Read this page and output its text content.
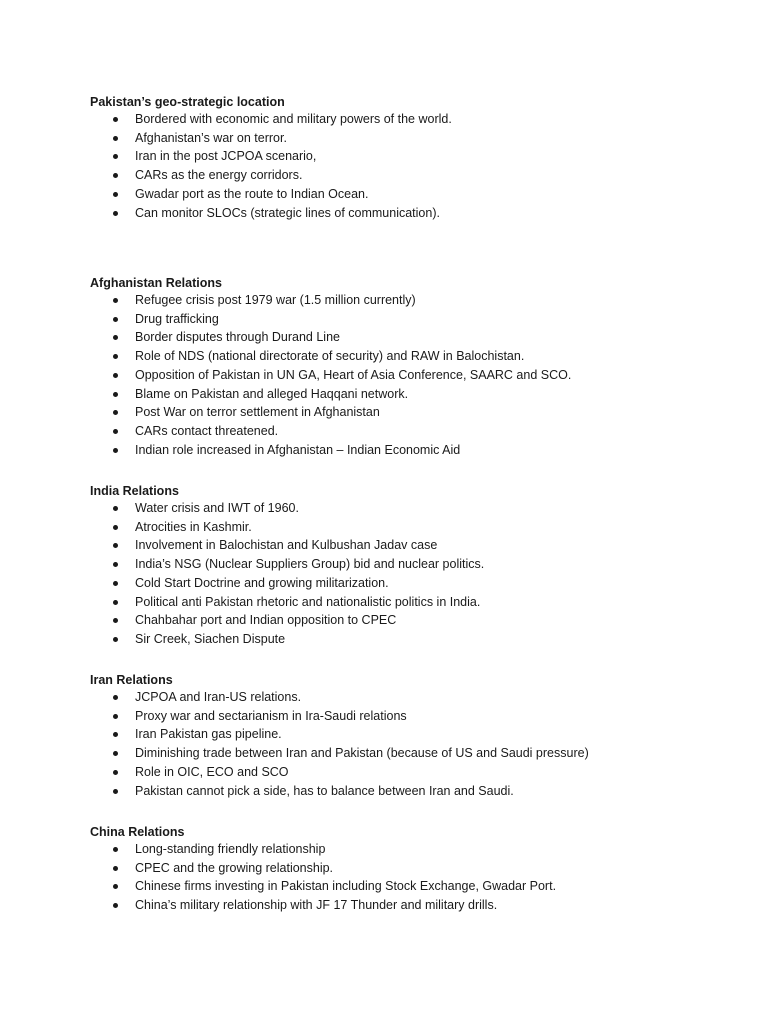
Pakistan’s geo-strategic location

Bordered with economic and military powers of the world.
Afghanistan’s war on terror.
Iran in the post JCPOA scenario,
CARs as the energy corridors.
Gwadar port as the route to Indian Ocean.
Can monitor SLOCs (strategic lines of communication).

Afghanistan Relations

Refugee crisis post 1979 war (1.5 million currently)
Drug trafficking
Border disputes through Durand Line
Role of NDS (national directorate of security) and RAW in Balochistan.
Opposition of Pakistan in UN GA, Heart of Asia Conference, SAARC and SCO.
Blame on Pakistan and alleged Haqqani network.
Post War on terror settlement in Afghanistan
CARs contact threatened.
Indian role increased in Afghanistan – Indian Economic Aid

India Relations

Water crisis and IWT of 1960.
Atrocities in Kashmir.
Involvement in Balochistan and Kulbushan Jadav case
India’s NSG (Nuclear Suppliers Group) bid and nuclear politics.
Cold Start Doctrine and growing militarization.
Political anti Pakistan rhetoric and nationalistic politics in India.
Chahbahar port and Indian opposition to CPEC
Sir Creek, Siachen Dispute

Iran Relations

JCPOA and Iran-US relations.
Proxy war and sectarianism in Ira-Saudi relations
Iran Pakistan gas pipeline.
Diminishing trade between Iran and Pakistan (because of US and Saudi pressure)
Role in OIC, ECO and SCO
Pakistan cannot pick a side, has to balance between Iran and Saudi.

China Relations

Long-standing friendly relationship
CPEC and the growing relationship.
Chinese firms investing in Pakistan including Stock Exchange, Gwadar Port.
China’s military relationship with JF 17 Thunder and military drills.
